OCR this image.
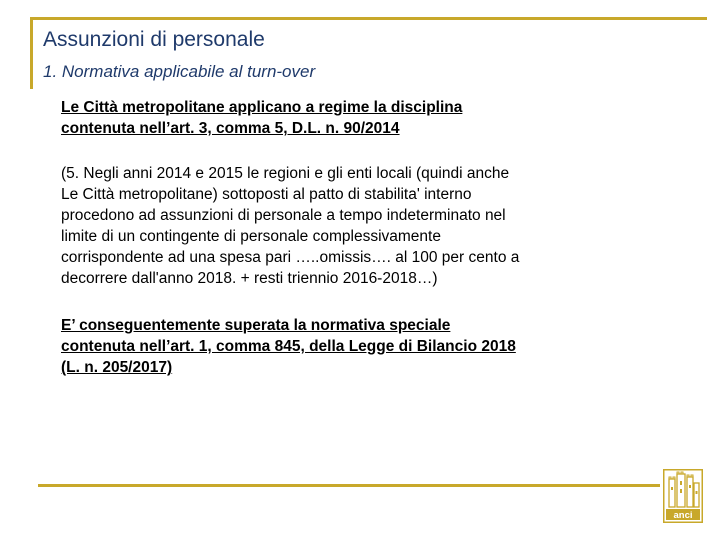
Assunzioni di personale
1. Normativa applicabile al turn-over
Le Città metropolitane applicano a regime la disciplina
contenuta nell’art. 3, comma 5, D.L. n. 90/2014
(5. Negli anni 2014 e 2015 le regioni e gli enti locali (quindi anche
Le Città metropolitane) sottoposti al patto di stabilita' interno
procedono ad assunzioni di personale a tempo indeterminato nel
limite di un contingente di personale complessivamente
corrispondente ad una spesa pari …..omissis…. al 100 per cento a
decorrere dall'anno 2018. + resti triennio 2016-2018…)
E’ conseguentemente superata la normativa speciale
contenuta nell’art. 1, comma 845, della Legge di Bilancio 2018
(L. n. 205/2017)
anci
